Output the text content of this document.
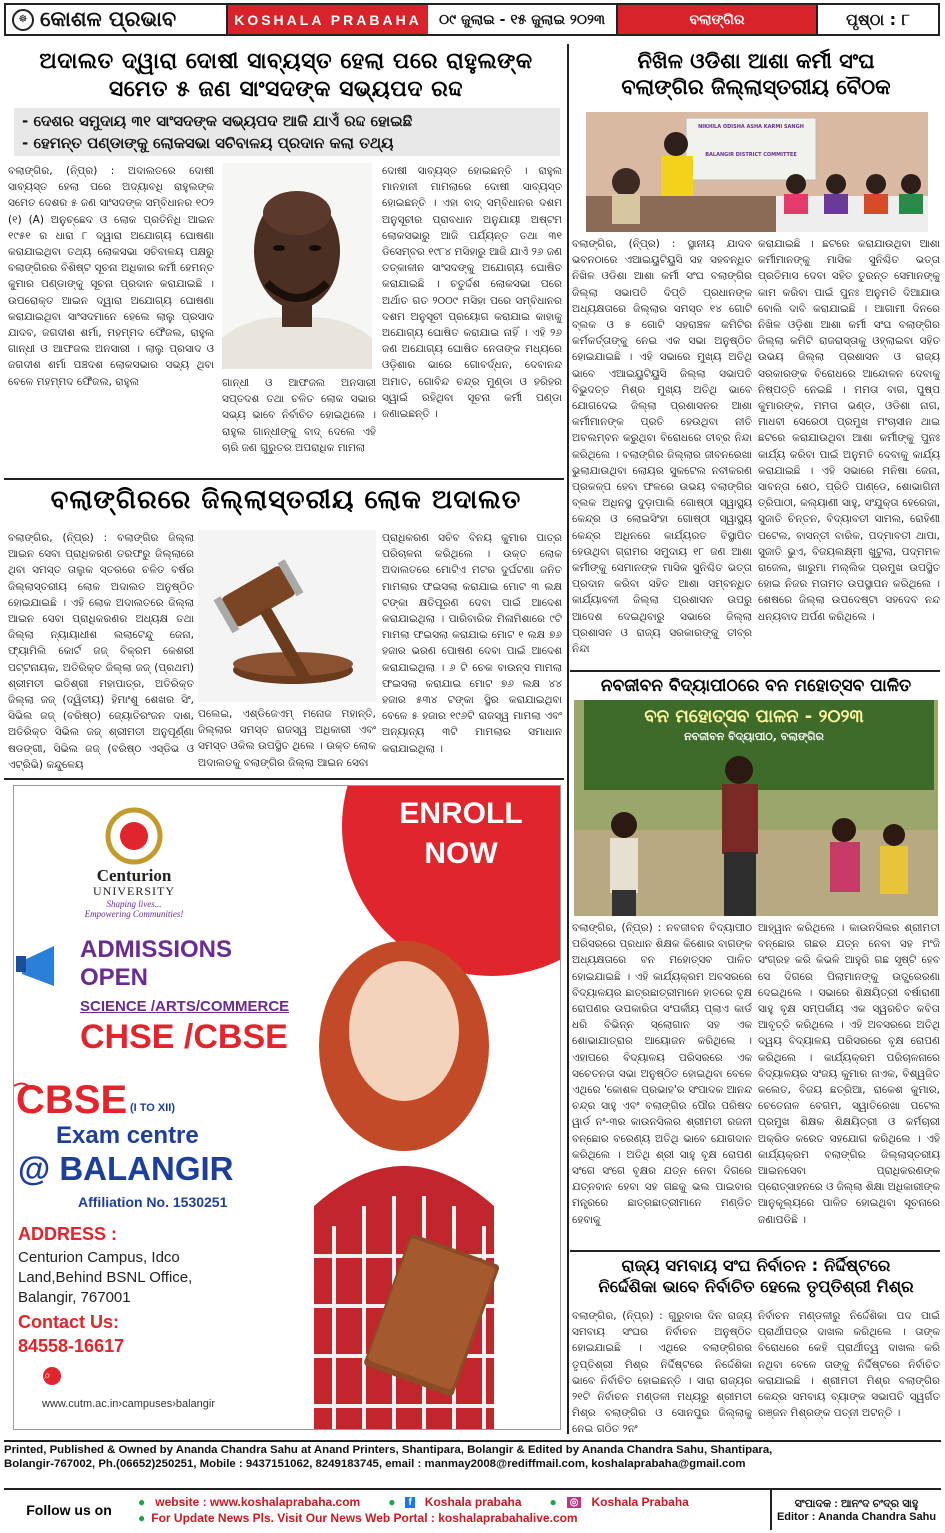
☸ କୋଶଳ ପ୍ରଭାବ	KOSHALA PRABAHA	୦୯ ଜୁଲାଇ - ୧୫ ଜୁଲାଇ ୨୦୨୩	ବଲାଙ୍ଗିର	ପୃଷ୍ଠା : ୮
ଅଦାଲତ ଦ୍ୱାରା ଦୋଷୀ ସାବ୍ୟସ୍ତ ହେଲା ପରେ ରାହୁଲଙ୍କ
ସମେତ ୫ ଜଣ ସାଂସଦଙ୍କ ସଭ୍ୟପଦ ରଦ୍ଦ
- ଦେଶର ସମୁଦାୟ ୩୧ ସାଂସଦଙ୍କ ସଭ୍ୟପଦ ଆଜି ଯାଏଁ ରଦ୍ଦ ହୋଇଛି
- ହେମନ୍ତ ପଣ୍ଡାଙ୍କୁ ଲୋକସଭା ସଚିବାଳୟ ପ୍ରଦାନ କଲା ତଥ୍ୟ
ବଲାଙ୍ଗିର, (ନି୍ପ୍ର) : ଅଦାଲତରେ ଦୋଷୀ ସାବ୍ୟସ୍ତ ହେଲା ପରେ ଅଦ୍ୟାବଧି ରାହୁଲଙ୍କ ସମେତ ଦେଶର ୫ ଜଣ ସାଂସଦଙ୍କ ସମ୍ବିଧାନର ୧୦୨ (୧) (A) ଅନୁଚ୍ଛେଦ ଓ ଲୋକ ପ୍ରତିନିଧି ଆଇନ ୧୯୫୧ ର ଧାରା ୮ ଦ୍ୱାରା ଅଯୋଗ୍ୟ ଘୋଷଣା କରାଯାଇଥିବା ତଥ୍ୟ ଲୋକସଭା ସଚିବାଳୟ ପକ୍ଷରୁ ବଲାଙ୍ଗିରର ବିଶିଷ୍ଟ ସୂଚନା ଅଧିକାର କର୍ମୀ ହେମନ୍ତ କୁମାର ପଣ୍ଡାଙ୍କୁ ସୂଚନା ପ୍ରଦାନ କରାଯାଇଛି । ଉପରୋକ୍ତ ଆଇନ ଦ୍ୱାରା ଅଯୋଗ୍ୟ ଘୋଷଣା କରାଯାଇଥିବା ସାଂସଦମାନେ ହେଲେ ଲାଲୁ ପ୍ରସାଦ ଯାଦବ, ଜଗଦୀଶ ଶର୍ମା, ମହମ୍ମଦ ଫୈଜଲ, ରାହୁଲ ଗାନ୍ଧୀ ଓ ଆଫଜଲ ଅନସାରୀ । ଲାଲୁ ପ୍ରସାଦ ଓ ଜଗଦୀଶ ଶର୍ମା ପଞ୍ଚଦଶ ଲୋକସଭାର ସଭ୍ୟ ଥିବା ବେଳେ ମହମ୍ମଦ ଫୈଜଲ, ରାହୁଲ	ଗାନ୍ଧୀ ଓ ଆଫଜଲ ଅନସାରୀ ସପ୍ତଦଶ ତଥା ଚଳିତ ଲୋକ ସଭାର ସଭ୍ୟ ଭାବେ ନିର୍ବାଚିତ ହୋଇଥିଲେ । ରାହୁଲ ଗାନ୍ଧୀଙ୍କୁ ବାଦ୍ ଦେଲେ ଏହି ଚାରି ଜଣ ଗୁରୁତର ଅପରାଧିକ ମାମଲା
ଦୋଷୀ ସାବ୍ୟସ୍ତ ହୋଇଛନ୍ତି । ରାହୁଲ ମାନହାନୀ ମାମଲାରେ ଦୋଷୀ ସାବ୍ୟସ୍ତ ହୋଇଛନ୍ତି । ଏହା ବାଦ୍ ସମ୍ବିଧାନର ଦଶମ ଅନୁସୂଚୀର ପ୍ରାବଧାନ ଅନୁଯାୟୀ ଅଷ୍ଟମ ଲୋକସଭାରୁ ଆଜି ପର୍ଯ୍ୟନ୍ତ ତଥା ୩୧ ଡିସେମ୍ବର ୧୯୮୪ ମସିହାରୁ ଆଜି ଯାଏଁ ୨୬ ଜଣ ତତ୍କାଳୀନ ସାଂସଦଙ୍କୁ ଅଯୋଗ୍ୟ ଘୋଷିତ କରାଯାଇଛି । ଚତୁର୍ଦ୍ଦଶ ଲୋକସଭା ପରେ ଅର୍ଥାତ ଗତ ୨୦୦୯ ମସିହା ପରେ ସମ୍ବିଧାନର ଦଶମ ଅନୁସୂଚୀ ପ୍ରୟୋଗ କରାଯାଇ କାହାକୁ ଅଯୋଗ୍ୟ ଘୋଷିତ କରାଯାଇ ନାହିଁ । ଏହି ୨୬ ଜଣ ଅଯୋଗ୍ୟ ଘୋଷିତ ନେତାଙ୍କ ମଧ୍ୟରେ ଓଡ଼ିଶାର ଭାରେ ଗୋବର୍ଦ୍ଧନ, ଦେବାନନ୍ଦ ଅମାତ, ଗୋବିନ୍ଦ ଚନ୍ଦ୍ର ମୁଣ୍ଡା ଓ ହରିହର ସ୍ୱାଇଁ ରହିଥିବା ସୂଚନା କର୍ମୀ ପଣ୍ଡା ଜଣାଇଛନ୍ତି ।
ନିଖିଳ ଓଡିଶା ଆଶା କର୍ମୀ ସଂଘ
ବଲାଙ୍ଗିର ଜିଲ୍ଲାସ୍ତରୀୟ ବୈଠକ
NIKHILA ODISHA ASHA KARMI SANGH
BALANGIR DISTRICT COMMITTEE
ବଲାଙ୍ଗିର, (ନି୍ପ୍ର) : ସ୍ଥାନୀୟ ଯାଦବ ଭବନଠାରେ ଏଆଇୟୁଟିୟୁସି ସହ ସହବନ୍ଧିତ ନିଖିଳ ଓଡିଶା ଆଶା କର୍ମୀ ସଂଘ ବଲାଙ୍ଗିର ଜିଲ୍ଲା ସଭାପତି ଦିପ୍ତି ପ୍ରଧାନଙ୍କ ଅଧ୍ୟକ୍ଷତାରେ ଜିଲ୍ଲାର ସମସ୍ତ ୧୪ ଗୋଟି ବ୍ଲକ ଓ ୫ ଗୋଟି ସହରାଞ୍ଚଳ କମିଟିର କର୍ମକର୍ତ୍ତାଙ୍କୁ ନେଇ ଏକ ସଭା ଅନୁଷ୍ଠିତ ହୋଇଯାଇଛି । ଏହି ସଭାରେ ମୁଖ୍ୟ ଅତିଥି ଭାବେ ଏଆଇୟୁଟିୟୁସି ଜିଲ୍ଲା ସଭାପତି ବିଭୁଦତ୍ତ ମିଶ୍ର ମୁଖ୍ୟ ଅତିଥି ଭାବେ ଯୋଗଦେଇ ଜିଲ୍ଲା ପ୍ରଶାସନର ଆଶା କର୍ମୀମାନଙ୍କ ପ୍ରତି ହେଉଥିବା ନୀତି ଅବଲମ୍ବନ କରୁଥିବା ବିରୋଧରେ ତୀବ୍ର ନିନ୍ଦା କରିଥିଲେ । ବଲାଙ୍ଗିର ଜିଲ୍ଲାର ଜୀବନରେଖା ଭୁଲାଯାଉଥିବା ଲୋୟର ସୁକଟେଲ ନବୀକରଣ ପ୍ରକଳ୍ପ ହେବା ଫଳରେ ଉଭୟ ବଲାଙ୍ଗିର ବ୍ଲକ ଅଧିନସ୍ଥ ଦୁଡ଼ାପାଲି ଗୋଷ୍ଠୀ ସ୍ୱାସ୍ଥ୍ୟ କେନ୍ଦ୍ର ଓ ଲୋଇସିଂହା ଗୋଷ୍ଠୀ ସ୍ୱାସ୍ଥ୍ୟ କେନ୍ଦ୍ର ଅଧିନରେ କାର୍ଯ୍ୟରତ ବିସ୍ଥାପିତ ହେଉଥିବା ଗ୍ରାମର ସମୁଦାୟ ୧୮ ଜଣ ଆଶା କର୍ମୀଙ୍କୁ ସେମାନଙ୍କ ମାସିକ ସୁନିଶ୍ଚିତ ଭତ୍ତା ପ୍ରଦାନ କରିବା ସହିତ ଆଶା ସମ୍ବନ୍ଧିତ କାର୍ଯ୍ୟାବଳୀ ଜିଲ୍ଲା ପ୍ରଶାସନ ଉପରୁ ଆଦେଶ ଦେଇଥିବାରୁ ସଭାରେ ଜିଲ୍ଲା ପ୍ରଶାସନ ଓ ରାଜ୍ୟ ସରକାରଙ୍କୁ ତୀବ୍ର ନିନ୍ଦା
କରାଯାଇଛି । ଛଟରେ କରାଯାଉଥିବା ଆଶା କର୍ମୀମାନଙ୍କୁ ମାସିକ ସୁନିଶ୍ଚିତ ଭତ୍ତା ପ୍ରତିମାସ ଦେବା ସହିତ ତୁରନ୍ତ ସେମାନଙ୍କୁ କାମ କରିବା ପାଇଁ ପୁନଃ ଅନୁମତି ଦିଆଯାଉ ବୋଲି ଦାବି କରାଯାଇଛି । ଆଗାମୀ ଦିନରେ ନିଖିଳ ଓଡ଼ିଶା ଆଶା କର୍ମୀ ସଂଘ ବଲାଙ୍ଗିର ଜିଲ୍ଲା କମିଟି ରାଜରାସ୍ତାକୁ ଓହ୍ଲାଇବା ସହିତ ଉଭୟ ଜିଲ୍ଲା ପ୍ରଶାସନ ଓ ରାଜ୍ୟ ସରକାରଙ୍କ ବିରୋଧରେ ଆନ୍ଦୋଳନ ଦେବାକୁ ନିଷ୍ପତ୍ତି ନେଇଛି । ମମତା ବାଗ, ପୁଷ୍ପ କୁମାରଙ୍କ, ମମତା ଭଣ୍ଡ, ଓଡିଶା ନାଗ, ମାଧବୀ ସେରେଠୀ ପ୍ରମୁଖ ମଂଚାସୀନ ଥାଇ ଛଟରେ କରାଯାଉଥିବା ଆଶା କର୍ମୀଙ୍କୁ ପୁନଃ କାର୍ଯ୍ୟ କରିବା ପାଇଁ ଅନୁମତି ଦେବାକୁ କାର୍ଯ୍ୟ କରାଯାଇଛି । ଏହି ସଭାରେ ମନିଷା ଜେନା, ସାବନ୍ତା ଶେଠ, ପ୍ରିତି ପାଣ୍ଡେ, ଶୋଭାଗିନୀ ତ୍ରିପାଠୀ, କଲ୍ୟାଣୀ ସାହୁ, ସଂଯୁକ୍ତା ହେରେଜା, ସୁଜାତି ଚିନ୍ତନ, ବିଦ୍ୟାବତୀ ସାମଲ, ରୋହିଣୀ ପଟେଲ, ବାସନ୍ତୀ ବାରିକ, ପଦ୍ମାବତୀ ଥାପା, ସୁଜାତି ଭୁଏ, ବିଜୟଲକ୍ଷ୍ମୀ ଖୁଟୁଲା, ପଦ୍ମମଳ ରାଜେଲ, ଖାରୁମା ମଲ୍ଲିକ ପ୍ରମୁଖ ଉପସ୍ଥିତ ହୋଇ ନିଜର ମତାମତ ଉପସ୍ଥାପନ କରିଥିଲେ । ଶେଷରେ ଜିଲ୍ଲା ଉପଦେଷ୍ଟା ସହଦେବ ନନ୍ଦ ଧନ୍ୟବାଦ ଅର୍ପଣ କରିଥିଲେ ।
ବଲାଙ୍ଗିରରେ ଜିଲ୍ଲାସ୍ତରୀୟ ଲୋକ ଅଦାଲତ
ବଲାଙ୍ଗିର, (ନି୍ପ୍ର) : ବଲାଙ୍ଗିର ଜିଲ୍ଲା ଆଇନ ସେବା ପ୍ରାଧିକରଣ ତରଫରୁ ଜିଲ୍ଲାରେ ଥିବା ସମସ୍ତ ତାଲୁକ ସ୍ତରରେ ଚଳିତ ବର୍ଷର ଜିଲ୍ଲାସ୍ତରୀୟ ଲୋକ ଅଦାଲତ ଅନୁଷ୍ଠିତ ହୋଇଯାଇଛି । ଏହି ଲୋକ ଅଦାଲତରେ ଜିଲ୍ଲା ଆଇନ ସେବା ପ୍ରାଧିକରଣର ଅଧ୍ୟକ୍ଷ ତଥା ଜିଲ୍ଲା ନ୍ୟାୟାଧୀଶ ଲଲାଟେନ୍ଦୁ ଜେନା, ଫ୍ୟାମିଲି କୋର୍ଟ ଜଜ୍ ବିକ୍ରମ କେଶରୀ ପଟ୍ଟନାୟକ, ଅତିରିକ୍ତ ଜିଲ୍ଲା ଜଜ୍ (ପ୍ରଥମ) ଶ୍ରୀମତୀ ଇତିଶ୍ରୀ ମହାପାତ୍ର, ଅତିରିକ୍ତ ଜିଲ୍ଲା ଜଜ୍ (ଦ୍ୱିତୀୟ) ହିମାଂଶୁ ଶେଖର ସିଂ, ସିଭିଲ ଜଜ୍ (ବରିଷ୍ଠ) ଜ୍ୟୋତିରଂଜନ ଦାଶ, ଅତିରିକ୍ତ ସିଭିଲ ଜଜ୍ ଶ୍ରୀମତୀ ଅନୁପୂର୍ଣ୍ଣା ଷଡଙ୍ଗୀ, ସିଭିଲ ଜଜ୍ (ବରିଷ୍ଠ ଏସ୍ଡିଭ ଓ ଏଟ୍ରିଭି) କନ୍ଦୁଳେୟ
ପଲେଇ, ଏଶ୍ଡିଜେଏମ୍ ମନୋଜ ମହାନ୍ତି, ଜିଲ୍ଲାର ସମସ୍ତ ରାଜସ୍ୱ ଅଧିକାରୀ ଏବଂ ସମସ୍ତ ଓକିଲ ଉପସ୍ଥିତ ଥିଲେ । ଉକ୍ତ ଲୋକ ଅଦାଲତକୁ ବଲାଙ୍ଗିର ଜିଲ୍ଲା ଆଇନ ସେବା
ପ୍ରାଧିକରଣ ସଚିବ ବିନୟ କୁମାର ପାତ୍ର ପରିଚାଳନା କରିଥିଲେ । ଉକ୍ତ ଲୋକ ଅଦାଲତରେ ମୋଟିଏ ମଟର ଦୁର୍ଘଟଣା ଜନିତ ମାମଲାର ଫଇସଲା କରାଯାଇ ମୋଟ ୩ ଲକ୍ଷ ଟଙ୍କା କ୍ଷତିପୂରଣ ଦେବା ପାଇଁ ଆଦେଶ କରାଯାଇଥିଲା । ପାରିବାରିକ ମିଳାମିଶାରେ ୯ଟି ମାମଲା ଫଇସଲା କରାଯାଇ ମୋଟ ୧ ଲକ୍ଷ ୭୬ ହଜାର ଭରଣ ପୋଷଣ ଦେବା ପାଇଁ ଆଦେଶ କରାଯାଇଥିଲା । ୬ ଟି ଚେକ ବାଉନ୍ସ ମାମଲା ଫଇସଲା କରାଯାଇ ମୋଟ ୭୬ ଲକ୍ଷ ୪୪ ହଜାର ୫୩୪ ଟଙ୍କା ସ୍ଥିର କରାଯାଇଥିବା ବେଳେ ୫ ହଜାର ୧୯୬ଟି ରାଜସ୍ୱ ମାମଲା ଏବଂ ଅନ୍ୟାନ୍ୟ ୩ଟି ମାମଲାର ସମାଧାନ କରାଯାଇଥିଲା ।
ନବଜୀବନ ବିଦ୍ୟାପୀଠରେ ବନ ମହୋତ୍ସବ ପାଳିତ
ବନ ମହୋତ୍ସବ ପାଳନ - ୨୦୨୩
ନବଜୀବନ ବିଦ୍ୟାପୀଠ, ବଲାଙ୍ଗିର
ବଲାଙ୍ଗିର, (ନି୍ପ୍ର) : ନବଜୀବନ ବିଦ୍ୟାପୀଠ ପରିସରରେ ପ୍ରଧାନ ଶିକ୍ଷକ କିଶୋର ବାଗଙ୍କ ଅଧ୍ୟକ୍ଷତାରେ ବନ ମହୋତ୍ସବ ପାଳିତ ହୋଇଯାଇଛି । ଏହି କାର୍ଯ୍ୟକ୍ରମ ଅବସରରେ ବିଦ୍ୟାଳୟର ଛାତ୍ରଛାତ୍ରୀମାନେ ହାତରେ ବୃକ୍ଷ ରୋପଣର ଉପକାରିତା ସଂପର୍କୀୟ ପ୍ଲାଏ କାର୍ଡ ଧରି ବିଭିନ୍ନ ସ୍ଲୋଗାନ ସହ ଏକ ଶୋଭାଯାତ୍ରାର ଆୟୋଜନ କରିଥିଲେ । ଏହାପରେ ବିଦ୍ୟାଳୟ ପରିସରରେ ଏକ ସଚେତନତା ସଭା ଅନୁଷ୍ଠିତ ହୋଇଥିବା ବେଳେ ଏଥିରେ 'କୋଶଳ ପ୍ରଭାହ'ର ସଂପାଦକ ଆନନ୍ଦ ଚନ୍ଦ୍ର ସାହୁ ଏବଂ ବଲାଙ୍ଗିର ପୌର ପରିଷଦ ୱାର୍ଡ ନଂ-୩ର କାଉନସିଲର ଶ୍ରୀମତୀ ରଜନୀ ବନ୍ଛୋର ବରେଣ୍ୟ ଅତିଥି ଭାବେ ଯୋଗଦାନ କରିଥିଲେ । ଅତିଥି ଶ୍ରୀ ସାହୁ ବୃକ୍ଷ ରୋପଣ ସଂଗେ ସଂଗେ ବୃକ୍ଷର ଯତ୍ନ ନେବା ଦିଗରେ ଯତ୍ନବାନ ହେବା ସହ ଗଛକୁ ଭଲ ପାଇବାର ମନ୍ତ୍ରରେ ଛାତ୍ରଛାତ୍ରୀମାନେ ମଣ୍ଡିତ ହେବାକୁ
ଆହ୍ୱାନ କରିଥିଲେ । କାଉନସିଲର ଶ୍ରୀମତୀ ବନ୍ଛୋର ଗଛର ଯତ୍ନ ନେବା ସହ ମଂଜି ସଂଗ୍ରହ କରି କିଭଳି ଆହୁରି ଗଛ ସୃଷ୍ଟି ହେବ ସେ ଦିଗରେ ପିଲାମାନଙ୍କୁ ଉତ୍ପ୍ରେରଣା ଦେଇଥିଲେ । ସଭାରେ ଶିକ୍ଷୟିତ୍ରୀ ବର୍ଷାରାଣୀ ସାହୁ ବୃକ୍ଷ ସମ୍ପର୍କୀୟ ଏକ ସ୍ୱରଚିତ କବିତା ଆବୃତ୍ତି କରିଥିଲେ । ଏହି ଅବସରରେ ଅତିଥି ଦ୍ୱୟ ବିଦ୍ୟାଳୟ ପରିସରରେ ବୃକ୍ଷ ରୋପଣ କରିଥିଲେ । କାର୍ଯ୍ୟକ୍ରମ ପରିଚାଳନାରେ ବିଦ୍ୟାଳୟର ସଂଜୟ କୁମାର ନାଏକ, ବିଶ୍ୱଜିତ କଲେତ, ବିଜୟ ଛତ୍ରିଆ, ରାକେଶ କୁମାର, ଚେତେନାଳ ବେଗମ, ସ୍ୱାତିରେଖା ପଟେଲ ପ୍ରମୁଖ ଶିକ୍ଷକ ଶିକ୍ଷୟିତ୍ରୀ ଓ କର୍ମଚାରୀ ଅକ୍ରିଡ କରେତ ସହଯୋଗ କରିଥିଲେ । ଏହି କାର୍ଯ୍ୟକ୍ରମ ବଲାଙ୍ଗିର ଜିଲ୍ଲାସ୍ତରୀୟ ଆଇନସେବା ପ୍ରାଧିକରଣଙ୍କ ପ୍ରୋତ୍ସାହନରେ ଓ ଜିଲ୍ଲା ଶିକ୍ଷା ଅଧିକାରୀଙ୍କ ଆନୁକୂଲ୍ୟରେ ପାଳିତ ହୋଇଥିବା ସୂଚନାରେ ଜଣାପଡିଛି ।
ରାଜ୍ୟ ସମବାୟ ସଂଘ ନିର୍ବାଚନ : ନିର୍ଦ୍ଦିଷ୍ଟରେ
ନିର୍ଦ୍ଦେଶିକା ଭାବେ ନିର୍ବାଚିତ ହେଲେ ତୃପ୍ତିଶ୍ରୀ ମିଶ୍ର
ବଲାଙ୍ଗିର, (ନି୍ପ୍ର) : ଗୁରୁବାର ଦିନ ରାଜ୍ୟ ସମବାୟ ସଂଘର ନିର୍ବାଚନ ଅନୁଷ୍ଠିତ ହୋଇଯାଇଛି । ଏଥିରେ ବଲାଙ୍ଗିରର ତୃପ୍ତିଶ୍ରୀ ମିଶ୍ର ନିର୍ଦ୍ଦିଷ୍ଟରେ ନିର୍ଦ୍ଦେଶିକା ଭାବେ ନିର୍ବାଚିତ ହୋଇଛନ୍ତି । ସାରା ରାଜ୍ୟର ୨୧ଟି ନିର୍ବାଚନ ମଣ୍ଡଳୀ ମଧ୍ୟରୁ ଶ୍ରୀମତୀ ମିଶ୍ର ବଲାଙ୍ଗିର ଓ ସୋନପୁର ଜିଲ୍ଲାକୁ ନେଇ ଗଠିତ ୨ନଂ
ନିର୍ବାଚନ ମଣ୍ଡଳୀରୁ ନିର୍ଦ୍ଦେଶିକା ପଦ ପାଇଁ ପ୍ରାର୍ଥୀପତ୍ର ଦାଖଲ କରିଥିଲେ । ତାଙ୍କ ବିରୋଧରେ କେହି ପ୍ରାର୍ଥୀତ୍ୱ ଦାଖଲ କରି ନଥିବା ବେଳେ ତାଙ୍କୁ ନିର୍ଦ୍ଦିଷ୍ଟରେ ନିର୍ବାଚିତ କରାଯାଇଛି । ଶ୍ରୀମତୀ ମିଶ୍ର ବଲାଙ୍ଗିର କେନ୍ଦ୍ର ସମବାୟ ବ୍ୟାଙ୍କ ସଭାପତି ସ୍ୱର୍ଗତ ରଞ୍ଜନ ମିଶ୍ରଙ୍କ ପତ୍ନୀ ଅଟନ୍ତି ।
ENROLL
NOW
Centurion
UNIVERSITY
Shaping lives...
Empowering Communities!
ADMISSIONS
OPEN
SCIENCE /ARTS/COMMERCE
CHSE /CBSE
CBSE (I TO XII)
Exam centre
@ BALANGIR
Affiliation No. 1530251
ADDRESS :
Centurion Campus, Idco
Land,Behind BSNL Office,
Balangir, 767001
Contact Us:
84558-16617
⌕
www.cutm.ac.in›campuses›balangir
Printed, Published & Owned by Ananda Chandra Sahu at Anand Printers, Shantipara, Bolangir & Edited by Ananda Chandra Sahu, Shantipara,
Bolangir-767002, Ph.(06652)250251, Mobile : 9437151062, 8249183745, email : manmay2008@rediffmail.com, koshalaprabaha@gmail.com
Follow us on	● website : www.koshalaprabaha.com ●	f Koshala prabaha ●	◎ Koshala Prabaha
● For Update News Pls. Visit Our News Web Portal : koshalaprabahalive.com
ସଂପାଦକ : ଆନଂଦ ଚଂଦ୍ର ସାହୁ
Editor : Ananda Chandra Sahu
